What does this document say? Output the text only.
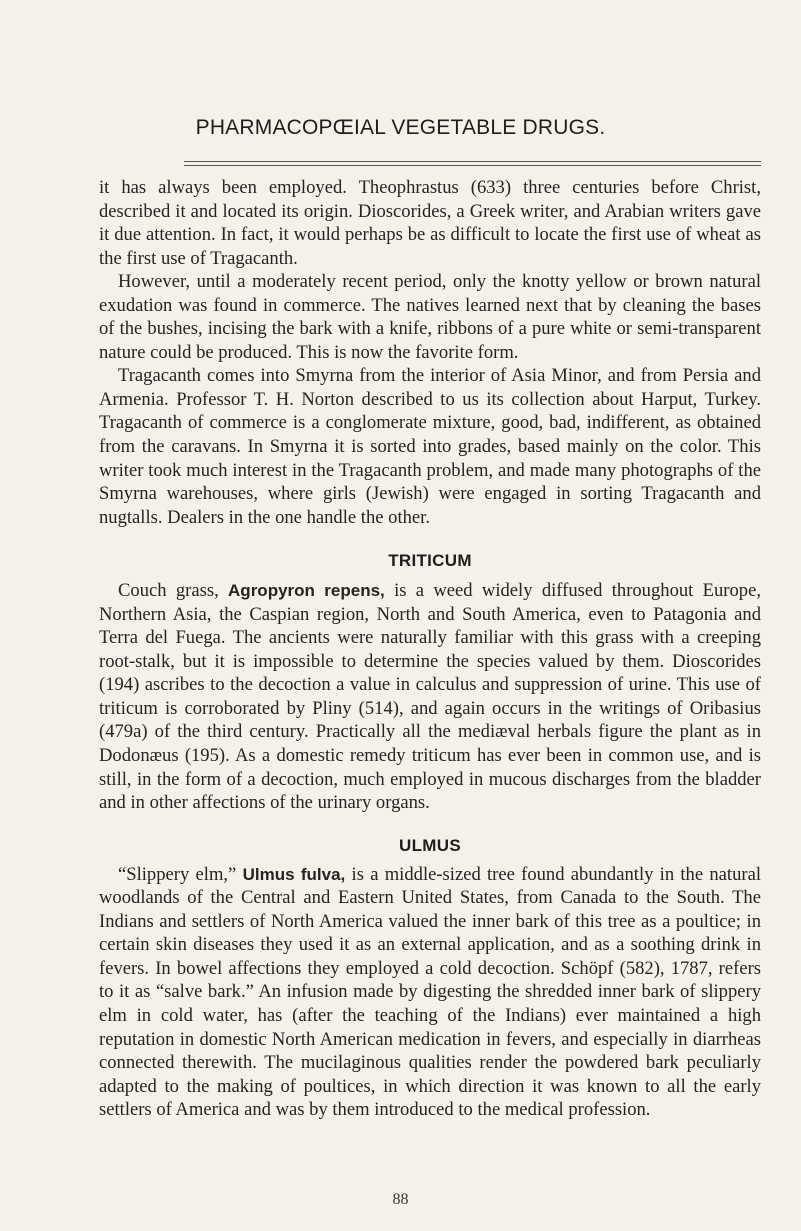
PHARMACOPŒIAL VEGETABLE DRUGS.

it has always been employed. Theophrastus (633) three centuries before Christ, described it and located its origin. Dioscorides, a Greek writer, and Arabian writers gave it due attention. In fact, it would perhaps be as difficult to locate the first use of wheat as the first use of Tragacanth.

However, until a moderately recent period, only the knotty yellow or brown natural exudation was found in commerce. The natives learned next that by cleaning the bases of the bushes, incising the bark with a knife, ribbons of a pure white or semi-transparent nature could be produced. This is now the favorite form.

Tragacanth comes into Smyrna from the interior of Asia Minor, and from Persia and Armenia. Professor T. H. Norton described to us its collection about Harput, Turkey. Tragacanth of commerce is a conglomerate mixture, good, bad, indifferent, as obtained from the caravans. In Smyrna it is sorted into grades, based mainly on the color. This writer took much interest in the Tragacanth problem, and made many photographs of the Smyrna warehouses, where girls (Jewish) were engaged in sorting Tragacanth and nugtalls. Dealers in the one handle the other.

TRITICUM

Couch grass, Agropyron repens, is a weed widely diffused throughout Europe, Northern Asia, the Caspian region, North and South America, even to Patagonia and Terra del Fuega. The ancients were naturally familiar with this grass with a creeping root-stalk, but it is impossible to determine the species valued by them. Dioscorides (194) ascribes to the decoction a value in calculus and suppression of urine. This use of triticum is corroborated by Pliny (514), and again occurs in the writings of Oribasius (479a) of the third century. Practically all the mediæval herbals figure the plant as in Dodonæus (195). As a domestic remedy triticum has ever been in common use, and is still, in the form of a decoction, much employed in mucous discharges from the bladder and in other affections of the urinary organs.

ULMUS

“Slippery elm,” Ulmus fulva, is a middle-sized tree found abundantly in the natural woodlands of the Central and Eastern United States, from Canada to the South. The Indians and settlers of North America valued the inner bark of this tree as a poultice; in certain skin diseases they used it as an external application, and as a soothing drink in fevers. In bowel affections they employed a cold decoction. Schöpf (582), 1787, refers to it as “salve bark.” An infusion made by digesting the shredded inner bark of slippery elm in cold water, has (after the teaching of the Indians) ever maintained a high reputation in domestic North American medication in fevers, and especially in diarrheas connected therewith. The mucilaginous qualities render the powdered bark peculiarly adapted to the making of poultices, in which direction it was known to all the early settlers of America and was by them introduced to the medical profession.

88
